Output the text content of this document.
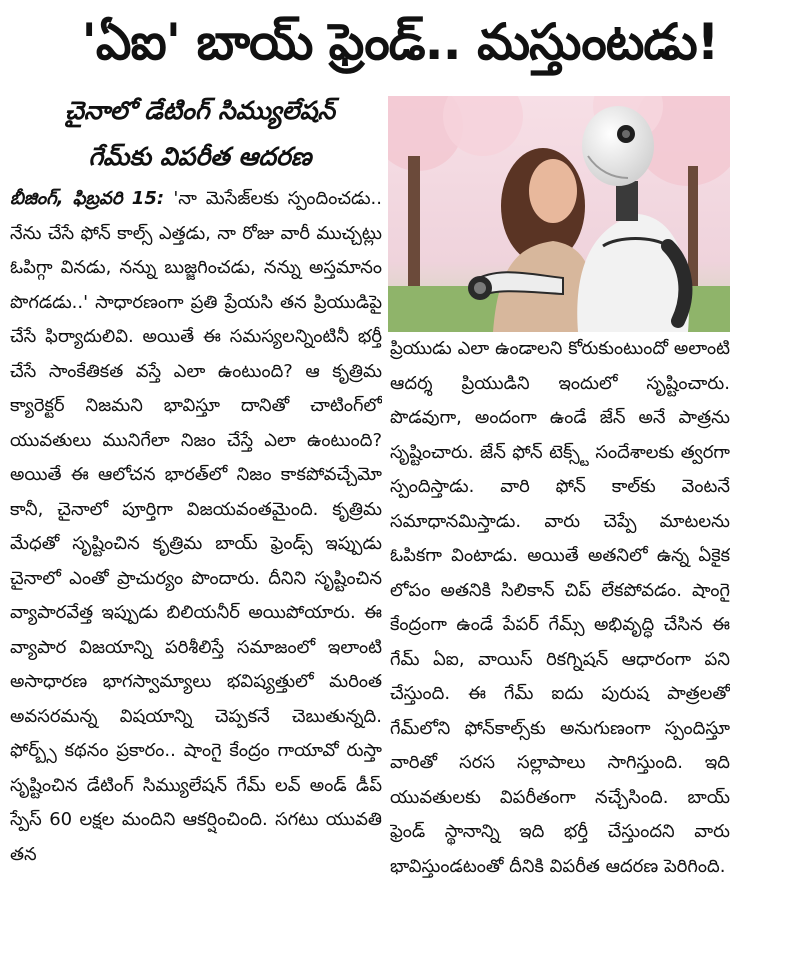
'ఏఐ' బాయ్ ఫ్రెండ్.. మస్తుంటడు!
చైనాలో డేటింగ్ సిమ్యులేషన్
గేమ్‌కు విపరీత ఆదరణ
బీజింగ్, ఫిబ్రవరి 15: 'నా మెసేజ్‌లకు స్పందించడు.. నేను చేసే ఫోన్ కాల్స్ ఎత్తడు, నా రోజు వారీ ముచ్చట్లు ఓపిగ్గా వినడు, నన్ను బుజ్జగించడు, నన్ను అస్తమానం పొగడడు..' సాధారణంగా ప్రతి ప్రేయసి తన ప్రియుడిపై చేసే ఫిర్యాదులివి. అయితే ఈ సమస్యలన్నింటినీ భర్తీ చేసే సాంకేతికత వస్తే ఎలా ఉంటుంది? ఆ కృత్రిమ క్యారెక్టర్ నిజమని భావిస్తూ దానితో చాటింగ్‌లో యువతులు మునిగేలా నిజం చేస్తే ఎలా ఉంటుంది? అయితే ఈ ఆలోచన భారత్‌లో నిజం కాకపోవచ్చేమో కానీ, చైనాలో పూర్తిగా విజయవంతమైంది. కృత్రిమ మేధతో సృష్టించిన కృత్రిమ బాయ్ ఫ్రెండ్స్ ఇప్పుడు చైనాలో ఎంతో ప్రాచుర్యం పొందారు. దీనిని సృష్టించిన వ్యాపారవేత్త ఇప్పుడు బిలియనీర్ అయిపోయారు. ఈ వ్యాపార విజయాన్ని పరిశీలిస్తే సమాజంలో ఇలాంటి అసాధారణ భాగస్వామ్యాలు భవిష్యత్తులో మరింత అవసరమన్న విషయాన్ని చెప్పకనే చెబుతున్నది. ఫోర్బ్స్ కథనం ప్రకారం.. షాంగై కేంద్రం గాయావో రుస్తా సృష్టించిన డేటింగ్ సిమ్యులేషన్ గేమ్ లవ్ అండ్ డీప్ స్పేస్ 60 లక్షల మందిని ఆకర్షించింది. సగటు యువతి తన
ప్రియుడు ఎలా ఉండాలని కోరుకుంటుందో అలాంటి ఆదర్శ ప్రియుడిని ఇందులో సృష్టించారు. పొడవుగా, అందంగా ఉండే జేన్ అనే పాత్రను సృష్టించారు. జేన్ ఫోన్ టెక్స్ట్ సందేశాలకు త్వరగా స్పందిస్తాడు. వారి ఫోన్ కాల్‌కు వెంటనే సమాధానమిస్తాడు. వారు చెప్పే మాటలను ఓపికగా వింటాడు. అయితే అతనిలో ఉన్న ఏకైక లోపం అతనికి సిలికాన్ చిప్ లేకపోవడం. షాంగై కేంద్రంగా ఉండే పేపర్ గేమ్స్ అభివృద్ధి చేసిన ఈ గేమ్ ఏఐ, వాయిస్ రికగ్నిషన్ ఆధారంగా పని చేస్తుంది. ఈ గేమ్ ఐదు పురుష పాత్రలతో గేమ్‌లోని ఫోన్‌కాల్స్‌కు అనుగుణంగా స్పందిస్తూ వారితో సరస సల్లాపాలు సాగిస్తుంది. ఇది యువతులకు విపరీతంగా నచ్చేసింది. బాయ్ ఫ్రెండ్ స్థానాన్ని ఇది భర్తీ చేస్తుందని వారు భావిస్తుండటంతో దీనికి విపరీత ఆదరణ పెరిగింది.
